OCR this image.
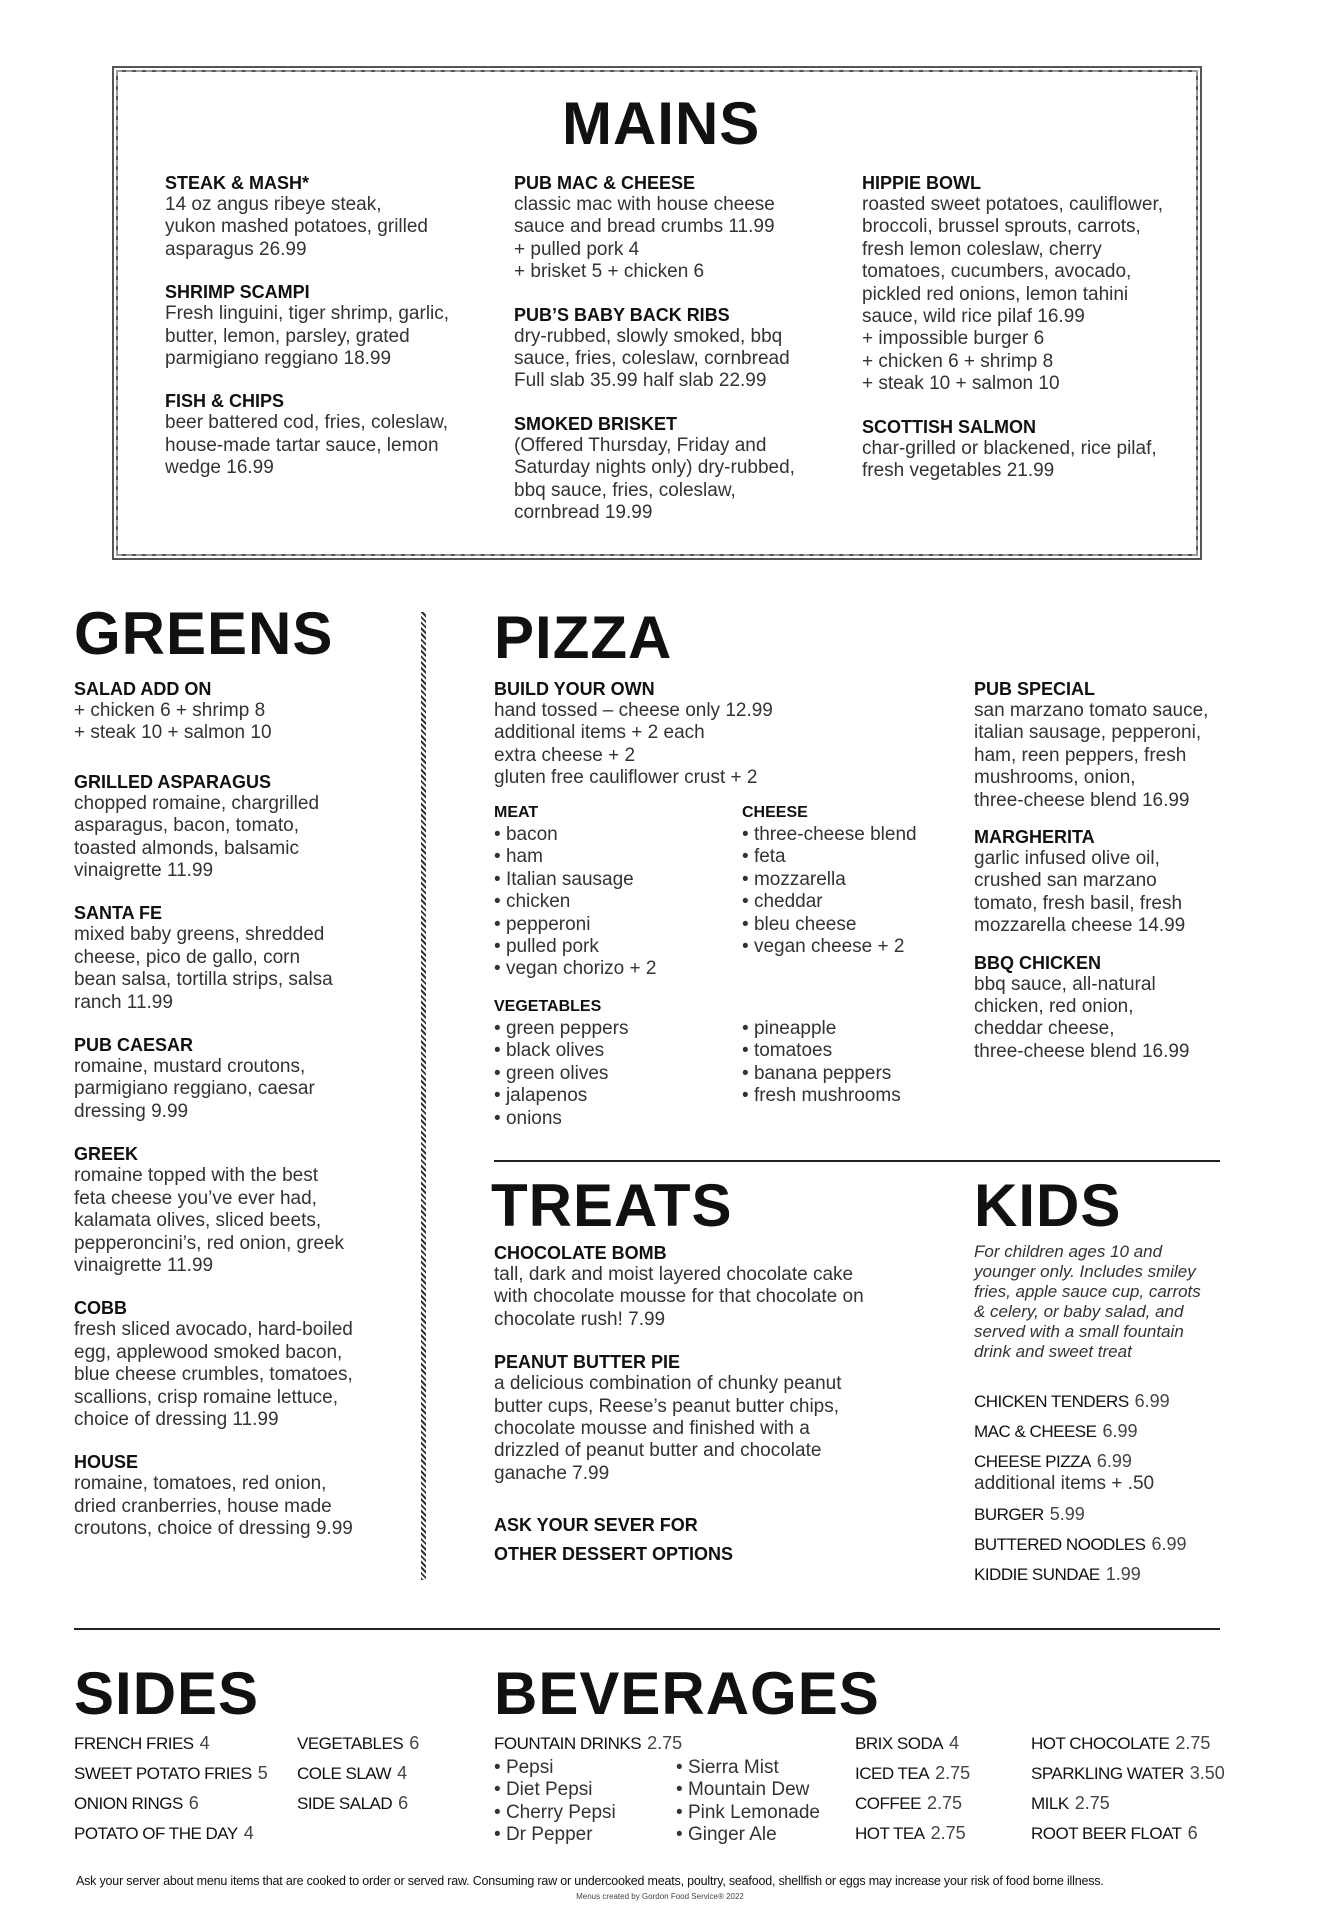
MAINS

STEAK & MASH*

14 oz angus ribeye steak,
yukon mashed potatoes, grilled
asparagus 26.99

SHRIMP SCAMPI

Fresh linguini, tiger shrimp, garlic,
butter, lemon, parsley, grated
parmigiano reggiano 18.99

FISH & CHIPS

beer battered cod, fries, coleslaw,
house-made tartar sauce, lemon
wedge 16.99

PUB MAC & CHEESE

classic mac with house cheese
sauce and bread crumbs 11.99
+ pulled pork 4
+ brisket 5 + chicken 6

PUB’S BABY BACK RIBS

dry-rubbed, slowly smoked, bbq
sauce, fries, coleslaw, cornbread
Full slab 35.99 half slab 22.99

SMOKED BRISKET

(Offered Thursday, Friday and
Saturday nights only) dry-rubbed,
bbq sauce, fries, coleslaw,
cornbread 19.99

HIPPIE BOWL

roasted sweet potatoes, cauliflower,
broccoli, brussel sprouts, carrots,
fresh lemon coleslaw, cherry
tomatoes, cucumbers, avocado,
pickled red onions, lemon tahini
sauce, wild rice pilaf 16.99
+ impossible burger 6
+ chicken 6 + shrimp 8
+ steak 10 + salmon 10

SCOTTISH SALMON

char-grilled or blackened, rice pilaf,
fresh vegetables 21.99

GREENS

SALAD ADD ON

+ chicken 6 + shrimp 8
+ steak 10 + salmon 10

GRILLED ASPARAGUS

chopped romaine, chargrilled
asparagus, bacon, tomato,
toasted almonds, balsamic
vinaigrette 11.99

SANTA FE

mixed baby greens, shredded
cheese, pico de gallo, corn
bean salsa, tortilla strips, salsa
ranch 11.99

PUB CAESAR

romaine, mustard croutons,
parmigiano reggiano, caesar
dressing 9.99

GREEK

romaine topped with the best
feta cheese you’ve ever had,
kalamata olives, sliced beets,
pepperoncini’s, red onion, greek
vinaigrette 11.99

COBB

fresh sliced avocado, hard-boiled
egg, applewood smoked bacon,
blue cheese crumbles, tomatoes,
scallions, crisp romaine lettuce,
choice of dressing 11.99

HOUSE

romaine, tomatoes, red onion,
dried cranberries, house made
croutons, choice of dressing 9.99

PIZZA

BUILD YOUR OWN

hand tossed – cheese only 12.99
additional items + 2 each
extra cheese + 2
gluten free cauliflower crust + 2

MEAT

• bacon
• ham
• Italian sausage
• chicken
• pepperoni
• pulled pork
• vegan chorizo + 2

CHEESE

• three-cheese blend
• feta
• mozzarella
• cheddar
• bleu cheese
• vegan cheese + 2

VEGETABLES

• green peppers
• black olives
• green olives
• jalapenos
• onions
• pineapple
• tomatoes
• banana peppers
• fresh mushrooms

PUB SPECIAL

san marzano tomato sauce,
italian sausage, pepperoni,
ham, reen peppers, fresh
mushrooms, onion,
three-cheese blend 16.99

MARGHERITA

garlic infused olive oil,
crushed san marzano
tomato, fresh basil, fresh
mozzarella cheese 14.99

BBQ CHICKEN

bbq sauce, all-natural
chicken, red onion,
cheddar cheese,
three-cheese blend 16.99

TREATS

CHOCOLATE BOMB

tall, dark and moist layered chocolate cake
with chocolate mousse for that chocolate on
chocolate rush! 7.99

PEANUT BUTTER PIE

a delicious combination of chunky peanut
butter cups, Reese’s peanut butter chips,
chocolate mousse and finished with a
drizzled of peanut butter and chocolate
ganache 7.99

ASK YOUR SEVER FOR

OTHER DESSERT OPTIONS

KIDS
For children ages 10 and
younger only. Includes smiley
fries, apple sauce cup, carrots
& celery, or baby salad, and
served with a small fountain
drink and sweet treat
CHICKEN TENDERS 6.99
MAC & CHEESE 6.99
CHEESE PIZZA 6.99
additional items + .50
BURGER 5.99
BUTTERED NOODLES 6.99
KIDDIE SUNDAE 1.99
SIDES
FRENCH FRIES 4
SWEET POTATO FRIES 5
ONION RINGS 6
POTATO OF THE DAY 4
VEGETABLES 6
COLE SLAW 4
SIDE SALAD 6
BEVERAGES
FOUNTAIN DRINKS 2.75
• Pepsi
• Diet Pepsi
• Cherry Pepsi
• Dr Pepper
• Sierra Mist
• Mountain Dew
• Pink Lemonade
• Ginger Ale
BRIX SODA 4
ICED TEA 2.75
COFFEE 2.75
HOT TEA 2.75
HOT CHOCOLATE 2.75
SPARKLING WATER 3.50
MILK 2.75
ROOT BEER FLOAT 6
Ask your server about menu items that are cooked to order or served raw. Consuming raw or undercooked meats, poultry, seafood, shellfish or eggs may increase your risk of food borne illness.
Menus created by Gordon Food Service® 2022
